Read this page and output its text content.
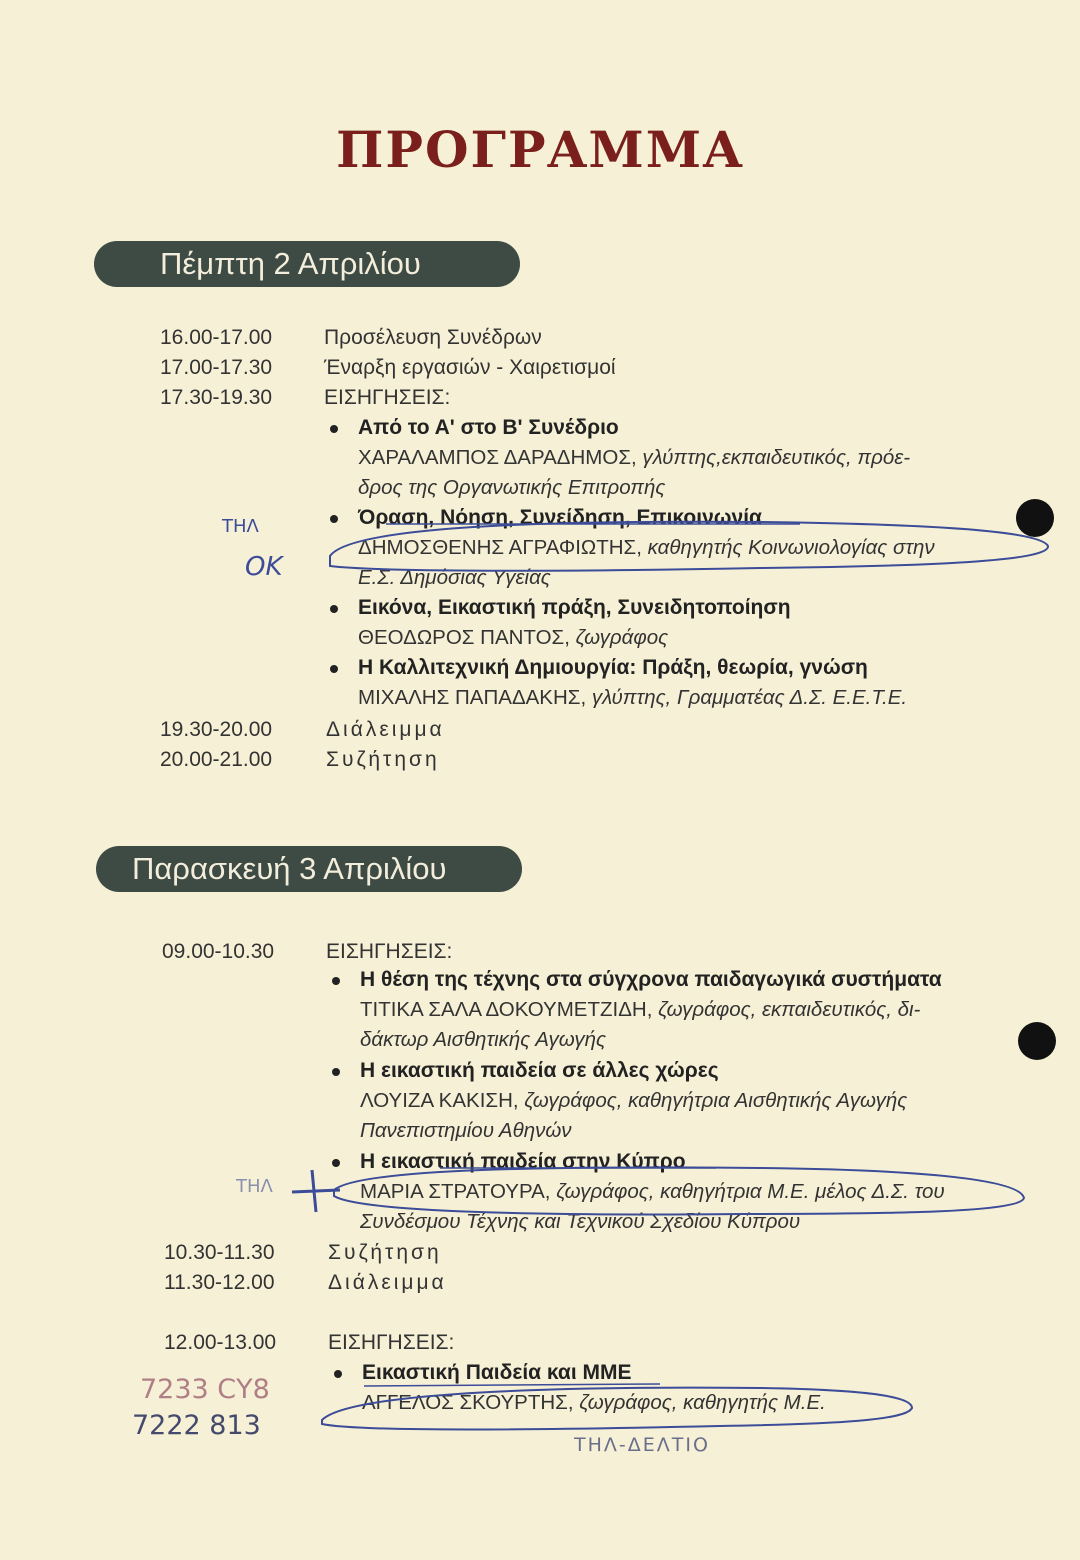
ΠΡΟΓΡΑΜΜΑ
Πέμπτη 2 Απριλίου
16.00-17.00 Προσέλευση Συνέδρων
17.00-17.30 Έναρξη εργασιών - Χαιρετισμοί
17.30-19.30 ΕΙΣΗΓΗΣΕΙΣ:
Από το Α' στο Β' Συνέδριο
ΧΑΡΑΛΑΜΠΟΣ ΔΑΡΑΔΗΜΟΣ, γλύπτης,εκπαιδευτικός, πρόε-
δρος της Οργανωτικής Επιτροπής
Όραση, Νόηση, Συνείδηση, Επικοινωνία
ΔΗΜΟΣΘΕΝΗΣ ΑΓΡΑΦΙΩΤΗΣ, καθηγητής Κοινωνιολογίας στην
Ε.Σ. Δημόσιας Υγείας
Εικόνα, Εικαστική πράξη, Συνειδητοποίηση
ΘΕΟΔΩΡΟΣ ΠΑΝΤΟΣ, ζωγράφος
Η Καλλιτεχνική Δημιουργία: Πράξη, θεωρία, γνώση
ΜΙΧΑΛΗΣ ΠΑΠΑΔΑΚΗΣ, γλύπτης, Γραμματέας Δ.Σ. Ε.Ε.Τ.Ε.
19.30-20.00	Διάλειμμα
20.00-21.00	Συζήτηση
Παρασκευή 3 Απριλίου
09.00-10.30 ΕΙΣΗΓΗΣΕΙΣ:
Η θέση της τέχνης στα σύγχρονα παιδαγωγικά συστήματα
ΤΙΤΙΚΑ ΣΑΛΑ ΔΟΚΟΥΜΕΤΖΙΔΗ, ζωγράφος, εκπαιδευτικός, δι-
δάκτωρ Αισθητικής Αγωγής
Η εικαστική παιδεία σε άλλες χώρες
ΛΟΥΙΖΑ ΚΑΚΙΣΗ, ζωγράφος, καθηγήτρια Αισθητικής Αγωγής
Πανεπιστημίου Αθηνών
Η εικαστική παιδεία στην Κύπρο
ΜΑΡΙΑ ΣΤΡΑΤΟΥΡΑ, ζωγράφος, καθηγήτρια Μ.Ε. μέλος Δ.Σ. του
Συνδέσμου Τέχνης και Τεχνικού Σχεδίου Κύπρου
10.30-11.30	Συζήτηση
11.30-12.00	Διάλειμμα
12.00-13.00 ΕΙΣΗΓΗΣΕΙΣ:
Εικαστική Παιδεία και ΜΜΕ
ΑΓΓΕΛΟΣ ΣΚΟΥΡΤΗΣ, ζωγράφος, καθηγητής Μ.Ε.
ΤΗΛ
ΟΚ
ΤΗΛ
7233 CΥ8
7222 813
ΤΗΛ-ΔΕΛΤΙΟ
